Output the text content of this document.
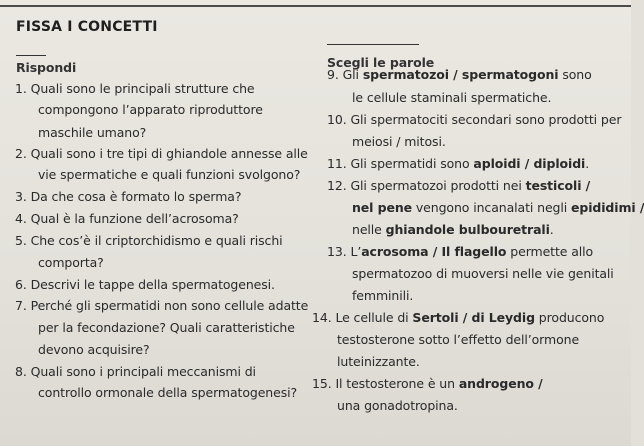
FISSA I CONCETTI
Rispondi
1. Quali sono le principali strutture che
compongono l’apparato riproduttore
maschile umano?
2. Quali sono i tre tipi di ghiandole annesse alle
vie spermatiche e quali funzioni svolgono?
3. Da che cosa è formato lo sperma?
4. Qual è la funzione dell’acrosoma?
5. Che cos’è il criptorchidismo e quali rischi
comporta?
6. Descrivi le tappe della spermatogenesi.
7. Perché gli spermatidi non sono cellule adatte
per la fecondazione? Quali caratteristiche
devono acquisire?
8. Quali sono i principali meccanismi di
controllo ormonale della spermatogenesi?
Scegli le parole
9. Gli spermatozoi / spermatogoni sono
le cellule staminali spermatiche.
10. Gli spermatociti secondari sono prodotti per
meiosi / mitosi.
11. Gli spermatidi sono aploidi / diploidi.
12. Gli spermatozoi prodotti nei testicoli /
nel pene vengono incanalati negli epididimi /
nelle ghiandole bulbouretrali.
13. L’acrosoma / Il flagello permette allo
spermatozoo di muoversi nelle vie genitali
femminili.
14. Le cellule di Sertoli / di Leydig producono
testosterone sotto l’effetto dell’ormone
luteinizzante.
15. Il testosterone è un androgeno /
una gonadotropina.
